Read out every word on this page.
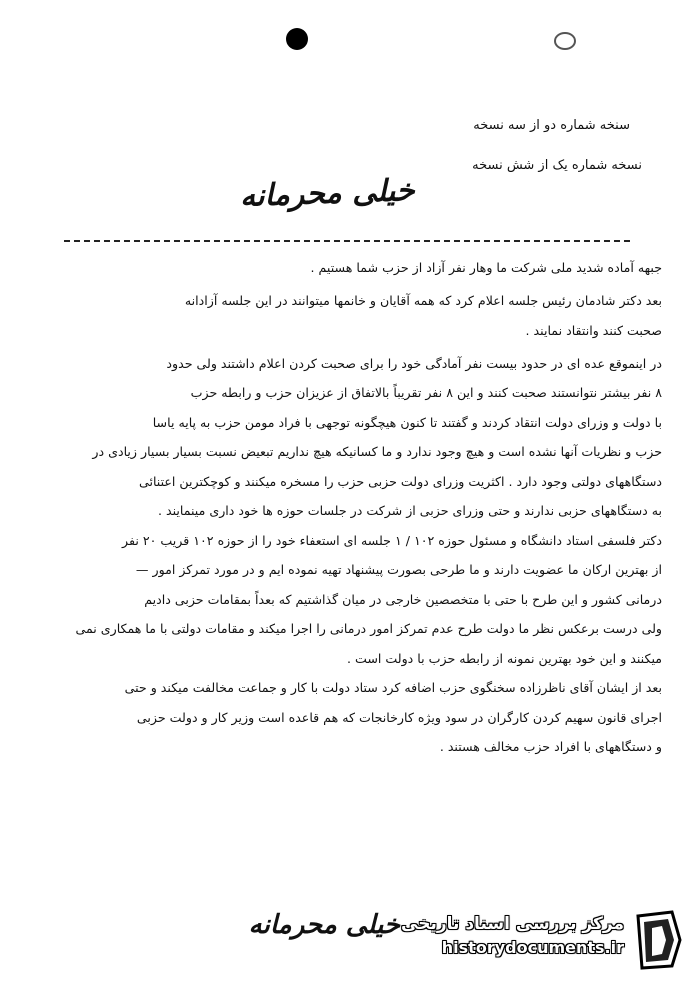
سنخه شماره دو از سه نسخه
نسخه شماره یک از شش نسخه
خیلی محرمانه
جبهه آماده شدید ملی شرکت ما وهار نفر آزاد از حزب شما هستیم .
بعد دکتر شادمان رئیس جلسه اعلام کرد که همه آقایان و خانمها میتوانند در این جلسه آزادانه
صحبت کنند وانتقاد نمایند .
در اینموقع عده ای در حدود بیست نفر آمادگی خود را برای صحبت کردن اعلام داشتند ولی حدود
۸ نفر بیشتر نتوانستند صحبت کنند و این ۸ نفر تقریباً بالاتفاق از عزیزان حزب و رابطه حزب
با دولت و وزرای دولت انتقاد کردند و گفتند تا کنون هیچگونه توجهی با فراد مومن حزب به پایه یاسا
حزب و نظریات آنها نشده است و هیچ وجود ندارد و ما کسانیکه هیچ نداریم تبعیض نسبت بسیار بسیار زیادی در
دستگاههای دولتی وجود دارد . اکثریت وزرای دولت حزبی حزب را مسخره میکنند و کوچکترین اعتنائی
به دستگاههای حزبی ندارند و حتی وزرای حزبی از شرکت در جلسات حوزه ها خود داری مینمایند .
دکتر فلسفی استاد دانشگاه و مسئول حوزه ۱۰۲ / ۱ جلسه ای استعفاء خود را از حوزه ۱۰۲ قریب ۲۰ نفر
از بهترین ارکان ما عضویت دارند و ما طرحی بصورت پیشنهاد تهیه نموده ایم و در مورد تمرکز امور —
درمانی کشور و این طرح با حتی با متخصصین خارجی در میان گذاشتیم که بعداً بمقامات حزبی دادیم
ولی درست برعکس نظر ما دولت طرح عدم تمرکز امور درمانی را اجرا میکند و مقامات دولتی با ما همکاری نمی
میکنند و این خود بهترین نمونه از رابطه حزب با دولت است .
بعد از ایشان آقای ناظرزاده سخنگوی حزب اضافه کرد ستاد دولت با کار و جماعت مخالفت میکند و حتی
اجرای قانون سهیم کردن کارگران در سود ویژه کارخانجات که هم قاعده است وزیر کار و دولت حزبی
و دستگاههای با افراد حزب مخالف هستند .
خیلی محرمانه مرکز بررسی اسناد تاریخی
historydocuments.ir
